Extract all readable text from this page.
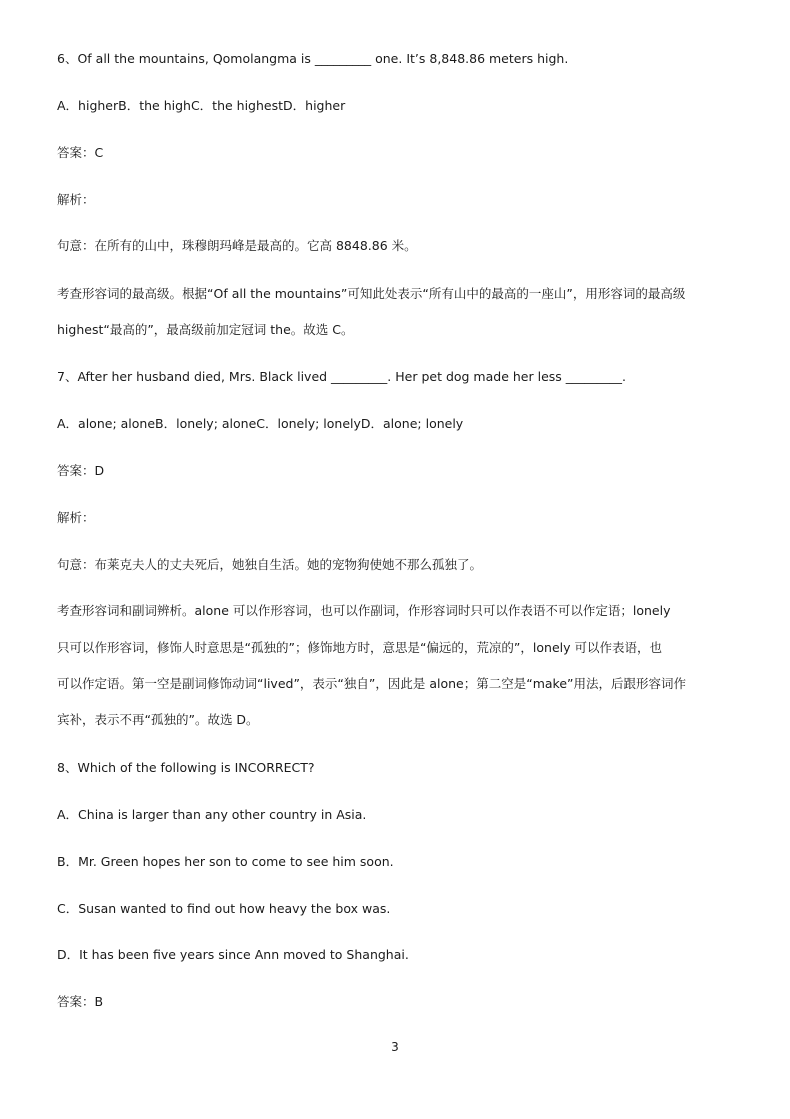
6、Of all the mountains, Qomolangma is _________ one. It’s 8,848.86 meters high.
A．higherB．the highC．the highestD．higher
答案：C
解析：
句意：在所有的山中，珠穆朗玛峰是最高的。它高 8848.86 米。
考查形容词的最高级。根据“Of all the mountains”可知此处表示“所有山中的最高的一座山”，用形容词的最高级
highest“最高的”，最高级前加定冠词 the。故选 C。
7、After her husband died, Mrs. Black lived _________. Her pet dog made her less _________.
A．alone; aloneB．lonely; aloneC．lonely; lonelyD．alone; lonely
答案：D
解析：
句意：布莱克夫人的丈夫死后，她独自生活。她的宠物狗使她不那么孤独了。
考查形容词和副词辨析。alone 可以作形容词，也可以作副词，作形容词时只可以作表语不可以作定语；lonely
只可以作形容词，修饰人时意思是“孤独的”；修饰地方时，意思是“偏远的，荒凉的”，lonely 可以作表语，也
可以作定语。第一空是副词修饰动词“lived”，表示“独自”，因此是 alone；第二空是“make”用法，后跟形容词作
宾补，表示不再“孤独的”。故选 D。
8、Which of the following is INCORRECT?
A．China is larger than any other country in Asia.
B．Mr. Green hopes her son to come to see him soon.
C．Susan wanted to find out how heavy the box was.
D．It has been five years since Ann moved to Shanghai.
答案：B
3
